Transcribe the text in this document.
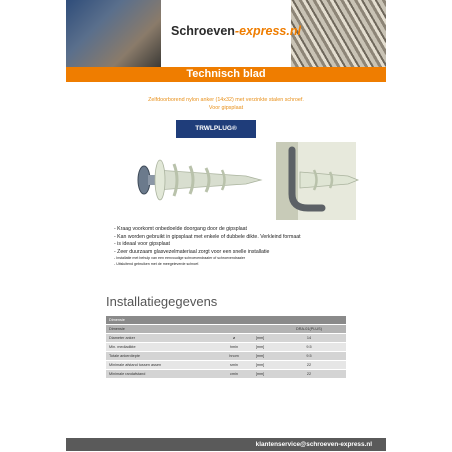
Schroeven-express.nl
Technisch blad
Zelfdoorborend nylon anker (14x32) met verzinkte stalen schroef.
Voor gipsplaat
TRWLPLUG®
- Kraag voorkomt onbedoelde doorgang door de gipsplaat
- Kan worden gebruikt in gipsplaat met enkele of dubbele dikte. Verkleind formaat
- is ideaal voor gipsplaat
- Zeer duurzaam glasvezelmateriaal zorgt voor een snelle installatie
- Installatie met behulp van een eenvoudige schroevendraaier of schroevendraaier
- Uitsluitend gebruiken met de meegeleverde schroef.
Installatiegegevens
Dimensie
Dimensie	DRA-01(PLUS)
Diameter anker	ø	[mm]	14
Min. mediadikte	hmin	[mm]	9.5
Totale ankerdiepte	hnom	[mm]	9.5
Minimale afstand tussen assen	smin	[mm]	22
Minimale randafstand	cmin	[mm]	22
klantenservice@schroeven-express.nl
